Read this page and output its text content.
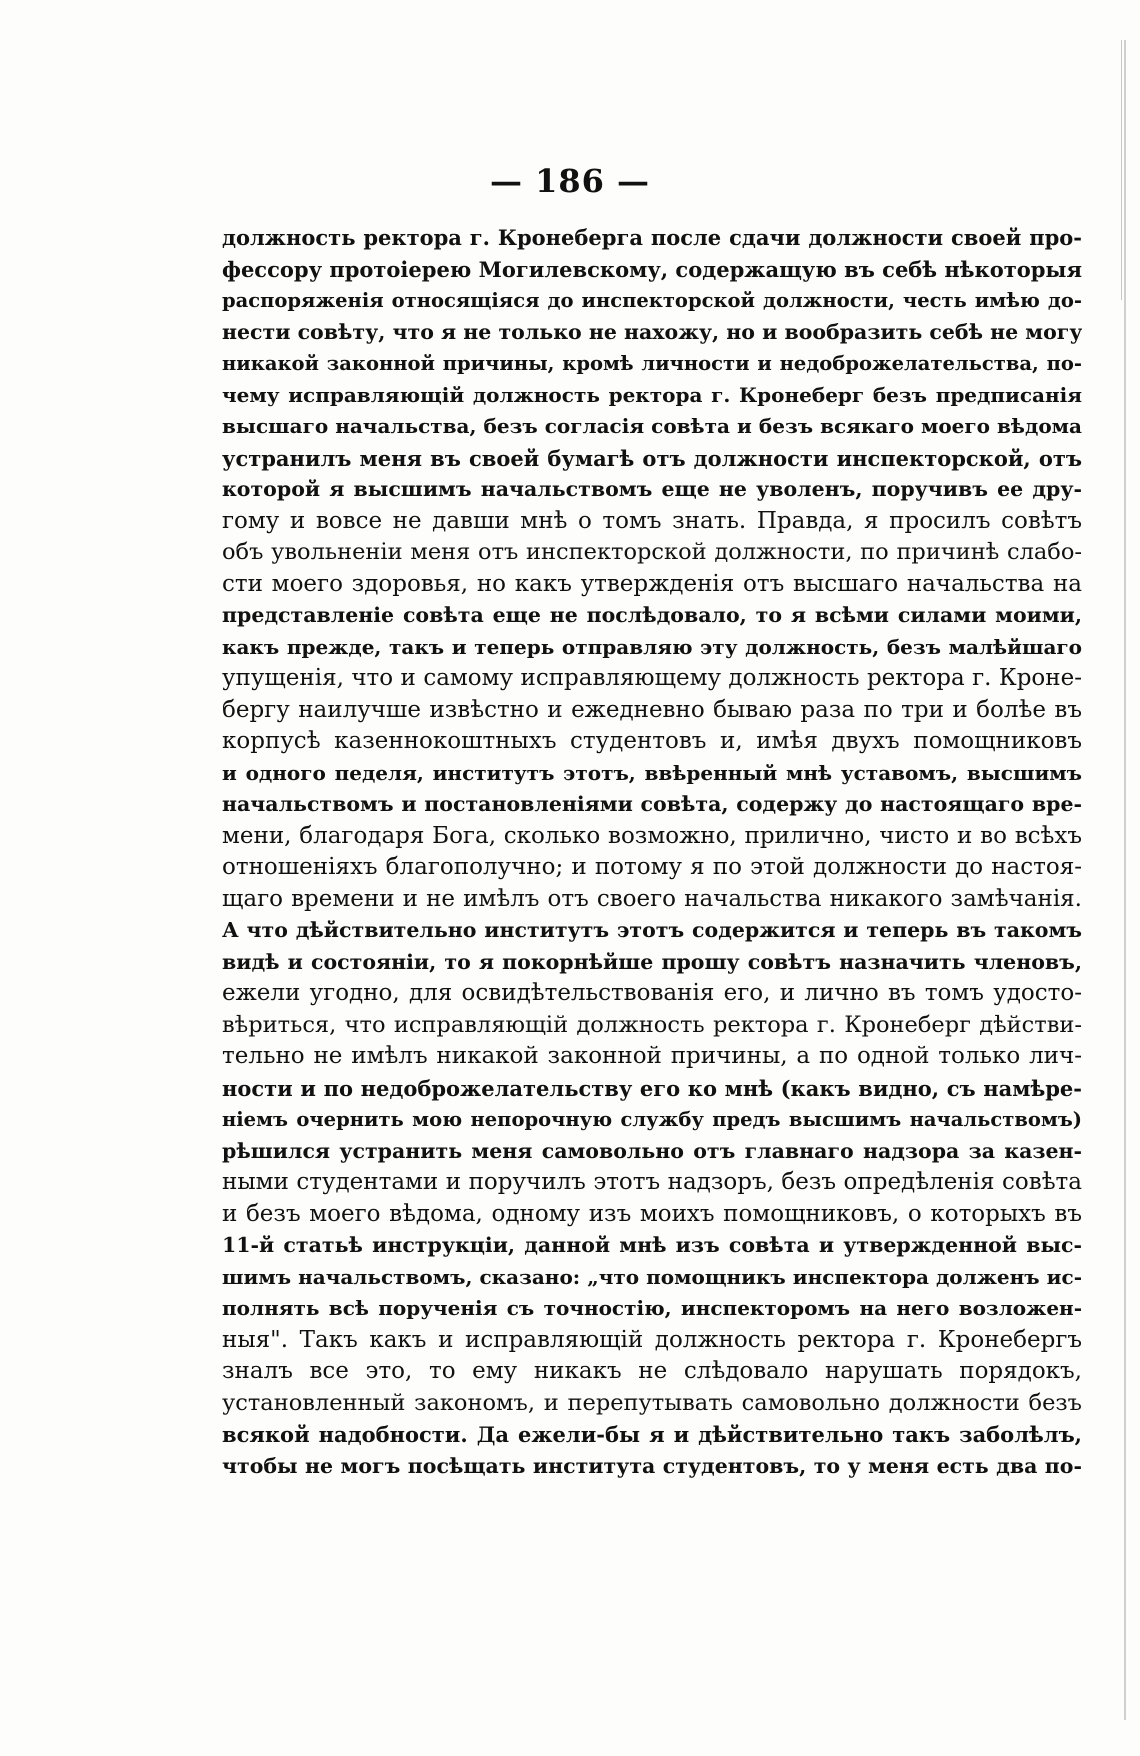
— 186 —
должность ректора г. Кронеберга после сдачи должности своей про-
фессору протоіерею Могилевскому, содержащую въ себѣ нѣкоторыя
распоряженія относящіяся до инспекторской должности, честь имѣю до-
нести совѣту, что я не только не нахожу, но и вообразить себѣ не могу
никакой законной причины, кромѣ личности и недоброжелательства, по-
чему исправляющій должность ректора г. Кронеберг безъ предписанія
высшаго начальства, безъ согласія совѣта и безъ всякаго моего вѣдома
устранилъ меня въ своей бумагѣ отъ должности инспекторской, отъ
которой я высшимъ начальствомъ еще не уволенъ, поручивъ ее дру-
гому и вовсе не давши мнѣ о томъ знать. Правда, я просилъ совѣтъ
объ увольненіи меня отъ инспекторской должности, по причинѣ слабо-
сти моего здоровья, но какъ утвержденія отъ высшаго начальства на
представленіе совѣта еще не послѣдовало, то я всѣми силами моими,
какъ прежде, такъ и теперь отправляю эту должность, безъ малѣйшаго
упущенія, что и самому исправляющему должность ректора г. Кроне-
бергу наилучше извѣстно и ежедневно бываю раза по три и болѣе въ
корпусѣ казеннокоштныхъ студентовъ и, имѣя двухъ помощниковъ
и одного педеля, институтъ этотъ, ввѣренный мнѣ уставомъ, высшимъ
начальствомъ и постановленіями совѣта, содержу до настоящаго вре-
мени, благодаря Бога, сколько возможно, прилично, чисто и во всѣхъ
отношеніяхъ благополучно; и потому я по этой должности до настоя-
щаго времени и не имѣлъ отъ своего начальства никакого замѣчанія.
А что дѣйствительно институтъ этотъ содержится и теперь въ такомъ
видѣ и состояніи, то я покорнѣйше прошу совѣтъ назначить членовъ,
ежели угодно, для освидѣтельствованія его, и лично въ томъ удосто-
вѣриться, что исправляющій должность ректора г. Кронеберг дѣйстви-
тельно не имѣлъ никакой законной причины, а по одной только лич-
ности и по недоброжелательству его ко мнѣ (какъ видно, съ намѣре-
ніемъ очернить мою непорочную службу предъ высшимъ начальствомъ)
рѣшился устранить меня самовольно отъ главнаго надзора за казен-
ными студентами и поручилъ этотъ надзоръ, безъ опредѣленія совѣта
и безъ моего вѣдома, одному изъ моихъ помощниковъ, о которыхъ въ
11-й статьѣ инструкціи, данной мнѣ изъ совѣта и утвержденной выс-
шимъ начальствомъ, сказано: „что помощникъ инспектора долженъ ис-
полнять всѣ порученія съ точностію, инспекторомъ на него возложен-
ныя". Такъ какъ и исправляющій должность ректора г. Кронебергъ
зналъ все это, то ему никакъ не слѣдовало нарушать порядокъ,
установленный закономъ, и перепутывать самовольно должности безъ
всякой надобности. Да ежели-бы я и дѣйствительно такъ заболѣлъ,
чтобы не могъ посѣщать института студентовъ, то у меня есть два по-
